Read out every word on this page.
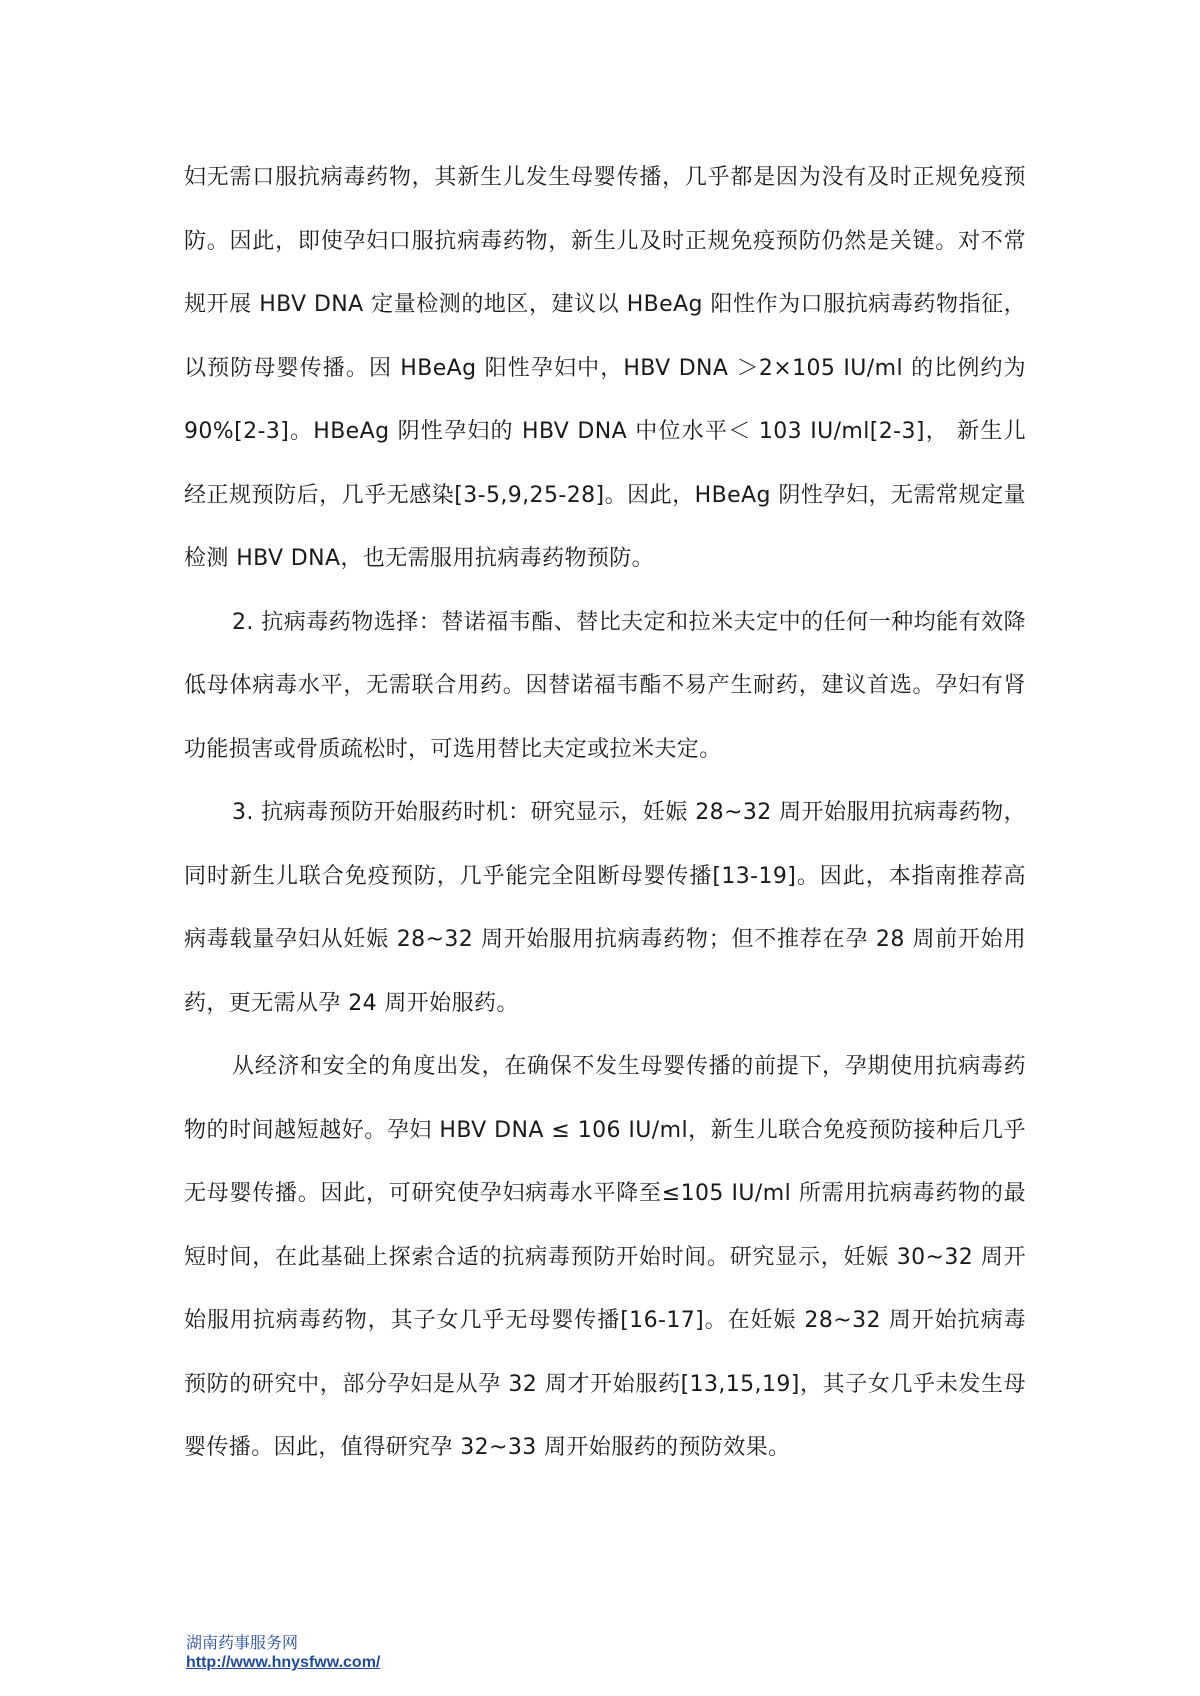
妇无需口服抗病毒药物，其新生儿发生母婴传播，几乎都是因为没有及时正规免疫预防。因此，即使孕妇口服抗病毒药物，新生儿及时正规免疫预防仍然是关键。对不常规开展 HBV DNA 定量检测的地区，建议以 HBeAg 阳性作为口服抗病毒药物指征，以预防母婴传播。因 HBeAg 阳性孕妇中，HBV DNA ＞2×105 IU/ml 的比例约为 90%[2-3]。HBeAg 阴性孕妇的 HBV DNA 中位水平＜ 103 IU/ml[2-3]， 新生儿经正规预防后，几乎无感染[3-5,9,25-28]。因此，HBeAg 阴性孕妇，无需常规定量检测 HBV DNA，也无需服用抗病毒药物预防。

2. 抗病毒药物选择：替诺福韦酯、替比夫定和拉米夫定中的任何一种均能有效降低母体病毒水平，无需联合用药。因替诺福韦酯不易产生耐药，建议首选。孕妇有肾功能损害或骨质疏松时，可选用替比夫定或拉米夫定。

3. 抗病毒预防开始服药时机：研究显示，妊娠 28~32 周开始服用抗病毒药物，同时新生儿联合免疫预防，几乎能完全阻断母婴传播[13-19]。因此，本指南推荐高病毒载量孕妇从妊娠 28~32 周开始服用抗病毒药物；但不推荐在孕 28 周前开始用药，更无需从孕 24 周开始服药。

从经济和安全的角度出发，在确保不发生母婴传播的前提下，孕期使用抗病毒药物的时间越短越好。孕妇 HBV DNA ≤ 106 IU/ml，新生儿联合免疫预防接种后几乎无母婴传播。因此，可研究使孕妇病毒水平降至≤105 IU/ml 所需用抗病毒药物的最短时间，在此基础上探索合适的抗病毒预防开始时间。研究显示，妊娠 30~32 周开始服用抗病毒药物，其子女几乎无母婴传播[16-17]。在妊娠 28~32 周开始抗病毒预防的研究中，部分孕妇是从孕 32 周才开始服药[13,15,19]，其子女几乎未发生母婴传播。因此，值得研究孕 32~33 周开始服药的预防效果。

湖南药事服务网
http://www.hnysfww.com/
